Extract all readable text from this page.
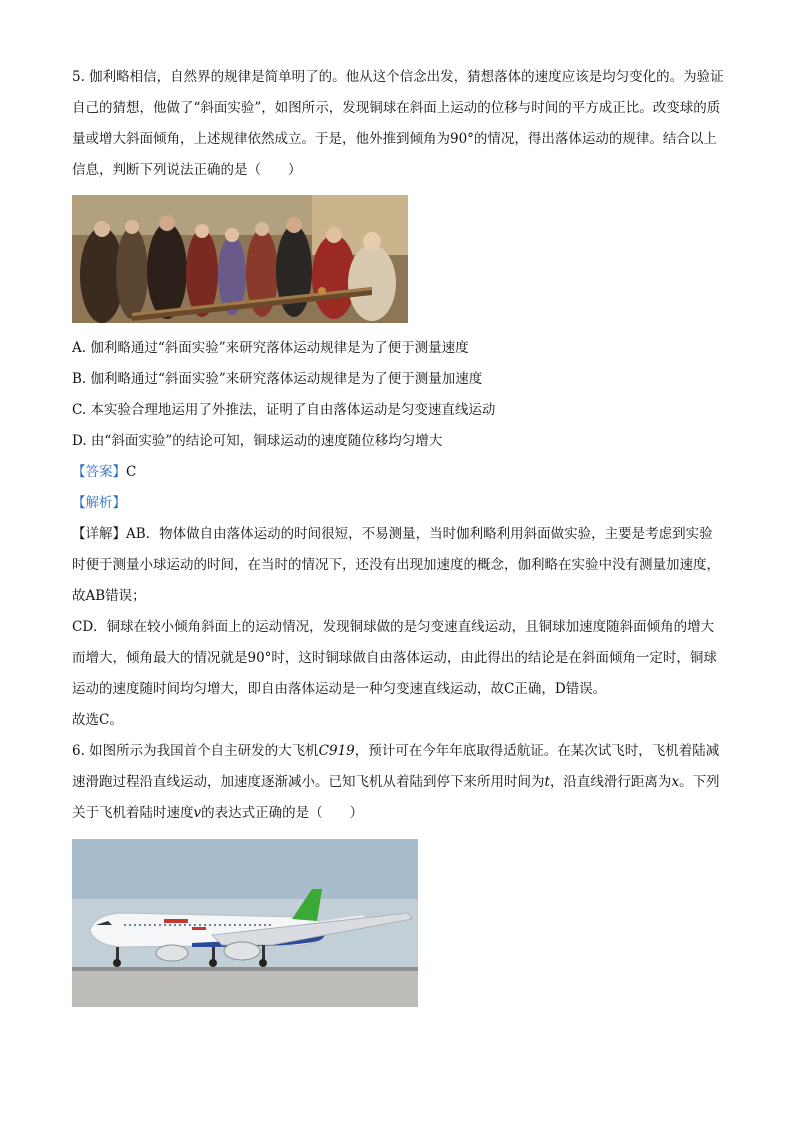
5. 伽利略相信，自然界的规律是简单明了的。他从这个信念出发，猜想落体的速度应该是均匀变化的。为验证自己的猜想，他做了“斜面实验”，如图所示，发现铜球在斜面上运动的位移与时间的平方成正比。改变球的质量或增大斜面倾角，上述规律依然成立。于是，他外推到倾角为90°的情况，得出落体运动的规律。结合以上信息，判断下列说法正确的是（　　）

A. 伽利略通过“斜面实验”来研究落体运动规律是为了便于测量速度

B. 伽利略通过“斜面实验”来研究落体运动规律是为了便于测量加速度

C. 本实验合理地运用了外推法，证明了自由落体运动是匀变速直线运动

D. 由“斜面实验”的结论可知，铜球运动的速度随位移均匀增大

【答案】C

【解析】

【详解】AB．物体做自由落体运动的时间很短，不易测量，当时伽利略利用斜面做实验，主要是考虑到实验时便于测量小球运动的时间，在当时的情况下，还没有出现加速度的概念，伽利略在实验中没有测量加速度，故AB错误；

CD．铜球在较小倾角斜面上的运动情况，发现铜球做的是匀变速直线运动，且铜球加速度随斜面倾角的增大而增大，倾角最大的情况就是90°时，这时铜球做自由落体运动，由此得出的结论是在斜面倾角一定时，铜球运动的速度随时间均匀增大，即自由落体运动是一种匀变速直线运动，故C正确，D错误。

故选C。

6. 如图所示为我国首个自主研发的大飞机C919，预计可在今年年底取得适航证。在某次试飞时，飞机着陆减速滑跑过程沿直线运动，加速度逐渐减小。已知飞机从着陆到停下来所用时间为t，沿直线滑行距离为x。下列关于飞机着陆时速度v的表达式正确的是（　　）
